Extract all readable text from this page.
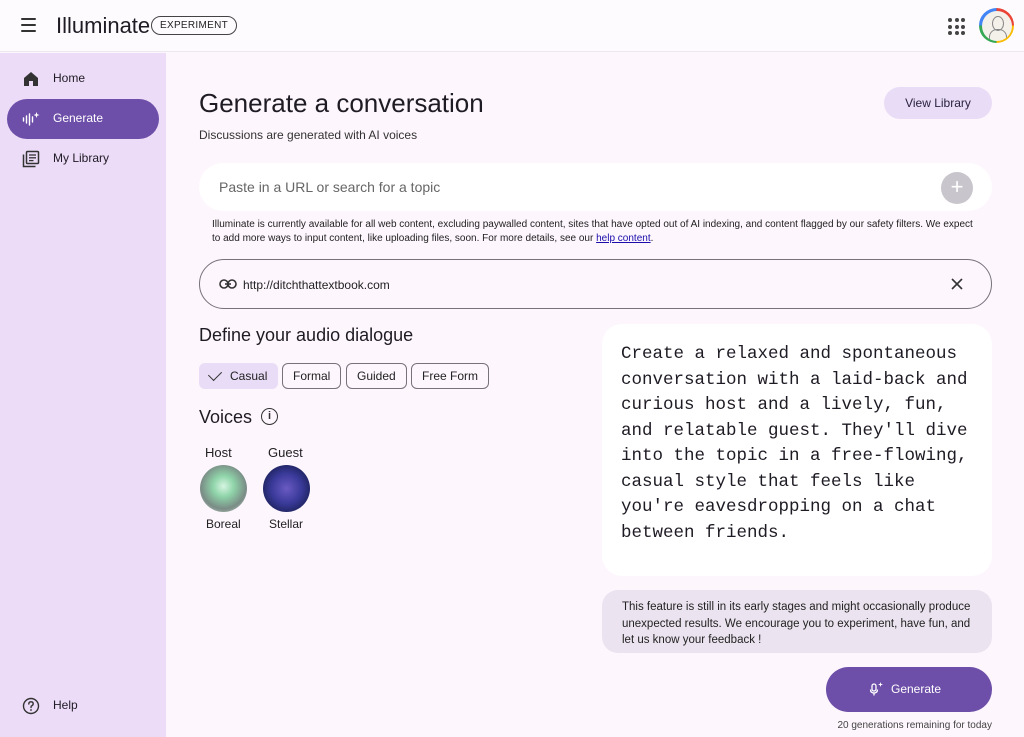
Illuminate EXPERIMENT
Home
Generate
My Library
Help
Generate a conversation
Discussions are generated with AI voices
View Library
Paste in a URL or search for a topic
+
Illuminate is currently available for all web content, excluding paywalled content, sites that have opted out of AI indexing, and content flagged by our safety filters. We expect to add more ways to input content, like uploading files, soon. For more details, see our help content.
http://ditchthattextbook.com
Define your audio dialogue
Casual	Formal	Guided	Free Form
Voices	i
Host	Guest
Boreal Stellar
Create a relaxed and spontaneous conversation with a laid-back and curious host and a lively, fun, and relatable guest. They'll dive into the topic in a free-flowing, casual style that feels like you're eavesdropping on a chat between friends.
This feature is still in its early stages and might occasionally produce unexpected results. We encourage you to experiment, have fun, and let us know your feedback !
Generate
20 generations remaining for today
